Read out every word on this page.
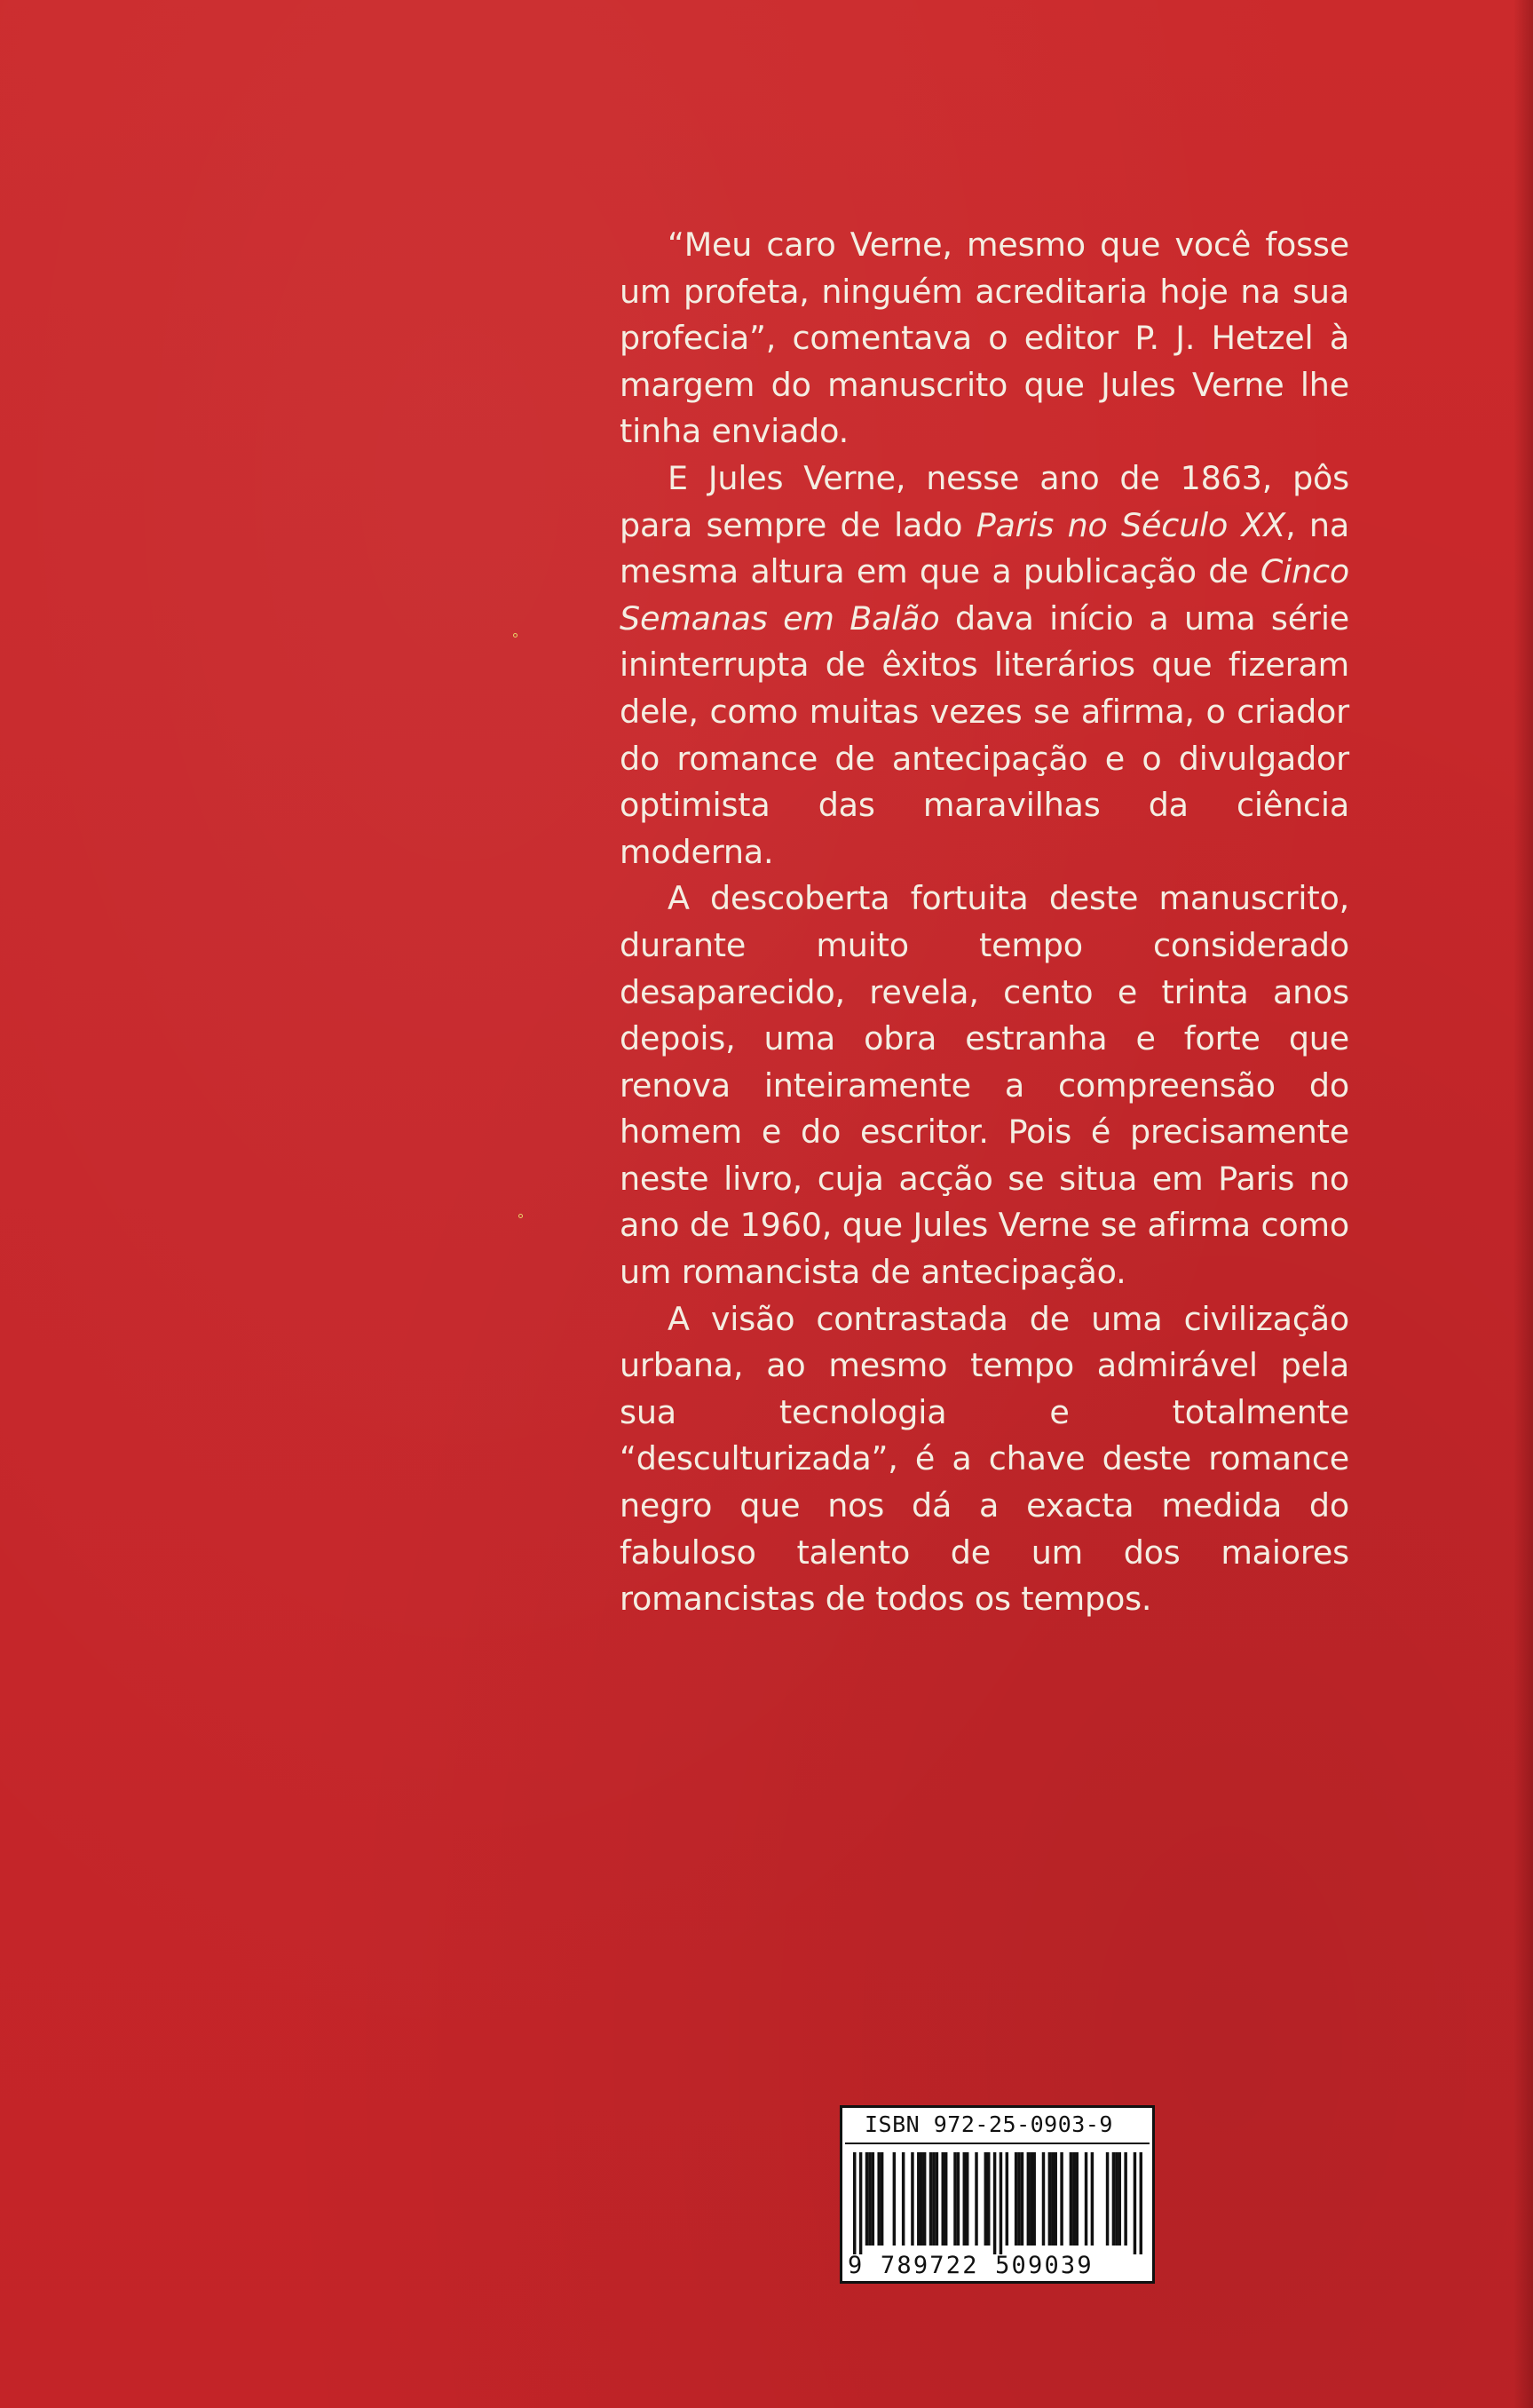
“Meu caro Verne, mesmo que você fosse um profeta, ninguém acreditaria hoje na sua profecia”, comentava o editor P. J. Hetzel à margem do manuscrito que Jules Verne lhe tinha enviado.

E Jules Verne, nesse ano de 1863, pôs para sempre de lado Paris no Século XX, na mesma altura em que a publicação de Cinco Semanas em Balão dava início a uma série ininterrupta de êxitos literários que fizeram dele, como muitas vezes se afirma, o criador do romance de antecipação e o divulgador optimista das maravilhas da ciência moderna.

A descoberta fortuita deste manuscrito, durante muito tempo considerado desaparecido, revela, cento e trinta anos depois, uma obra estranha e forte que renova inteiramente a compreensão do homem e do escritor. Pois é precisamente neste livro, cuja acção se situa em Paris no ano de 1960, que Jules Verne se afirma como um romancista de antecipação.

A visão contrastada de uma civilização urbana, ao mesmo tempo admirável pela sua tecnologia e totalmente “desculturizada”, é a chave deste romance negro que nos dá a exacta medida do fabuloso talento de um dos maiores romancistas de todos os tempos.

ISBN 972-25-0903-9
9 789722 509039
